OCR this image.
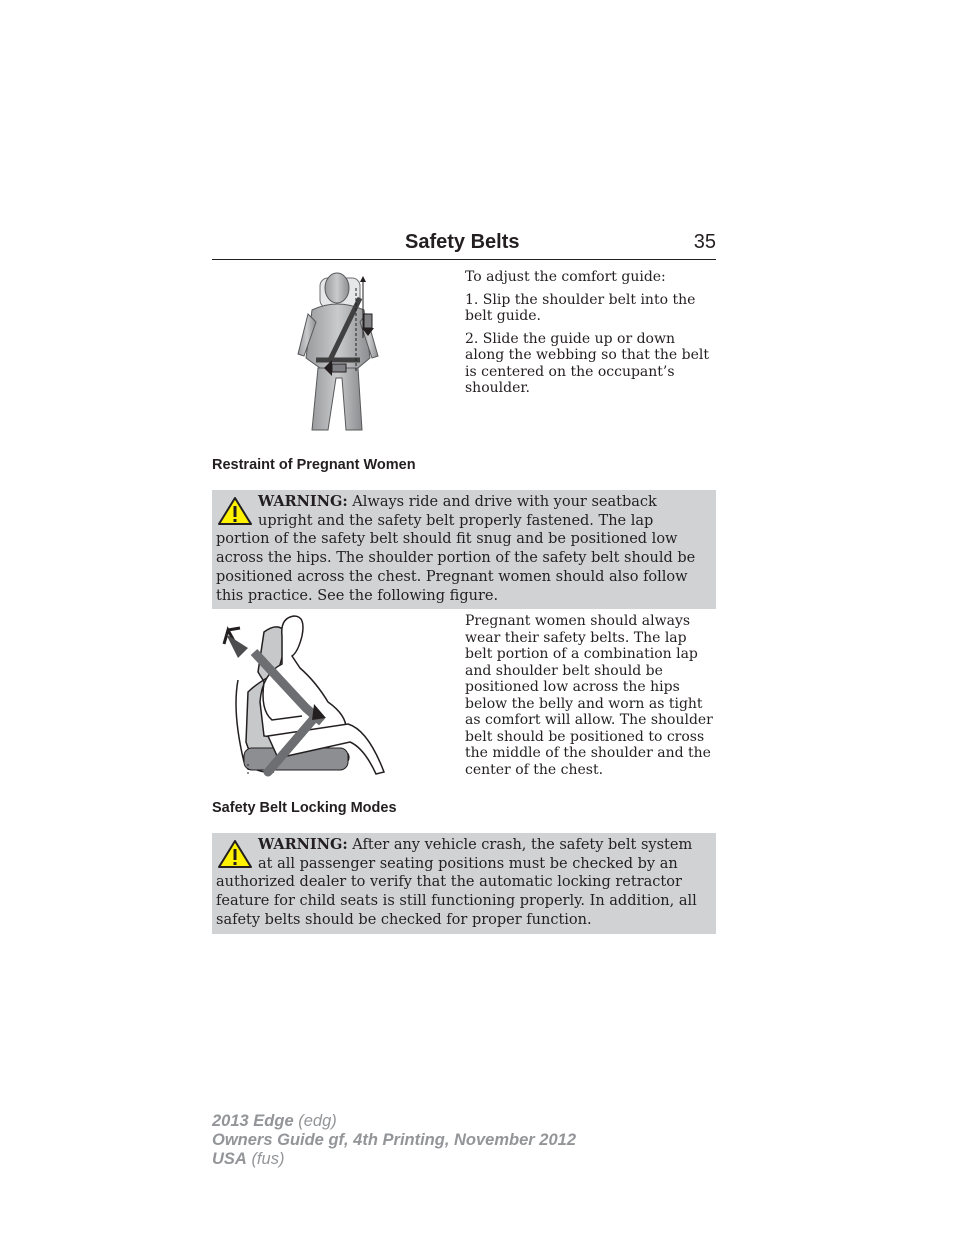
Safety Belts	35

To adjust the comfort guide:

1. Slip the shoulder belt into the belt guide.

2. Slide the guide up or down along the webbing so that the belt is centered on the occupant’s shoulder.

Restraint of Pregnant Women
WARNING: Always ride and drive with your seatback upright and the safety belt properly fastened. The lap portion of the safety belt should fit snug and be positioned low across the hips. The shoulder portion of the safety belt should be positioned across the chest. Pregnant women should also follow this practice. See the following figure.

Pregnant women should always wear their safety belts. The lap belt portion of a combination lap and shoulder belt should be positioned low across the hips below the belly and worn as tight as comfort will allow. The shoulder belt should be positioned to cross the middle of the shoulder and the center of the chest.

Safety Belt Locking Modes
WARNING: After any vehicle crash, the safety belt system at all passenger seating positions must be checked by an authorized dealer to verify that the automatic locking retractor feature for child seats is still functioning properly. In addition, all safety belts should be checked for proper function.
2013 Edge (edg)
Owners Guide gf, 4th Printing, November 2012
USA (fus)
